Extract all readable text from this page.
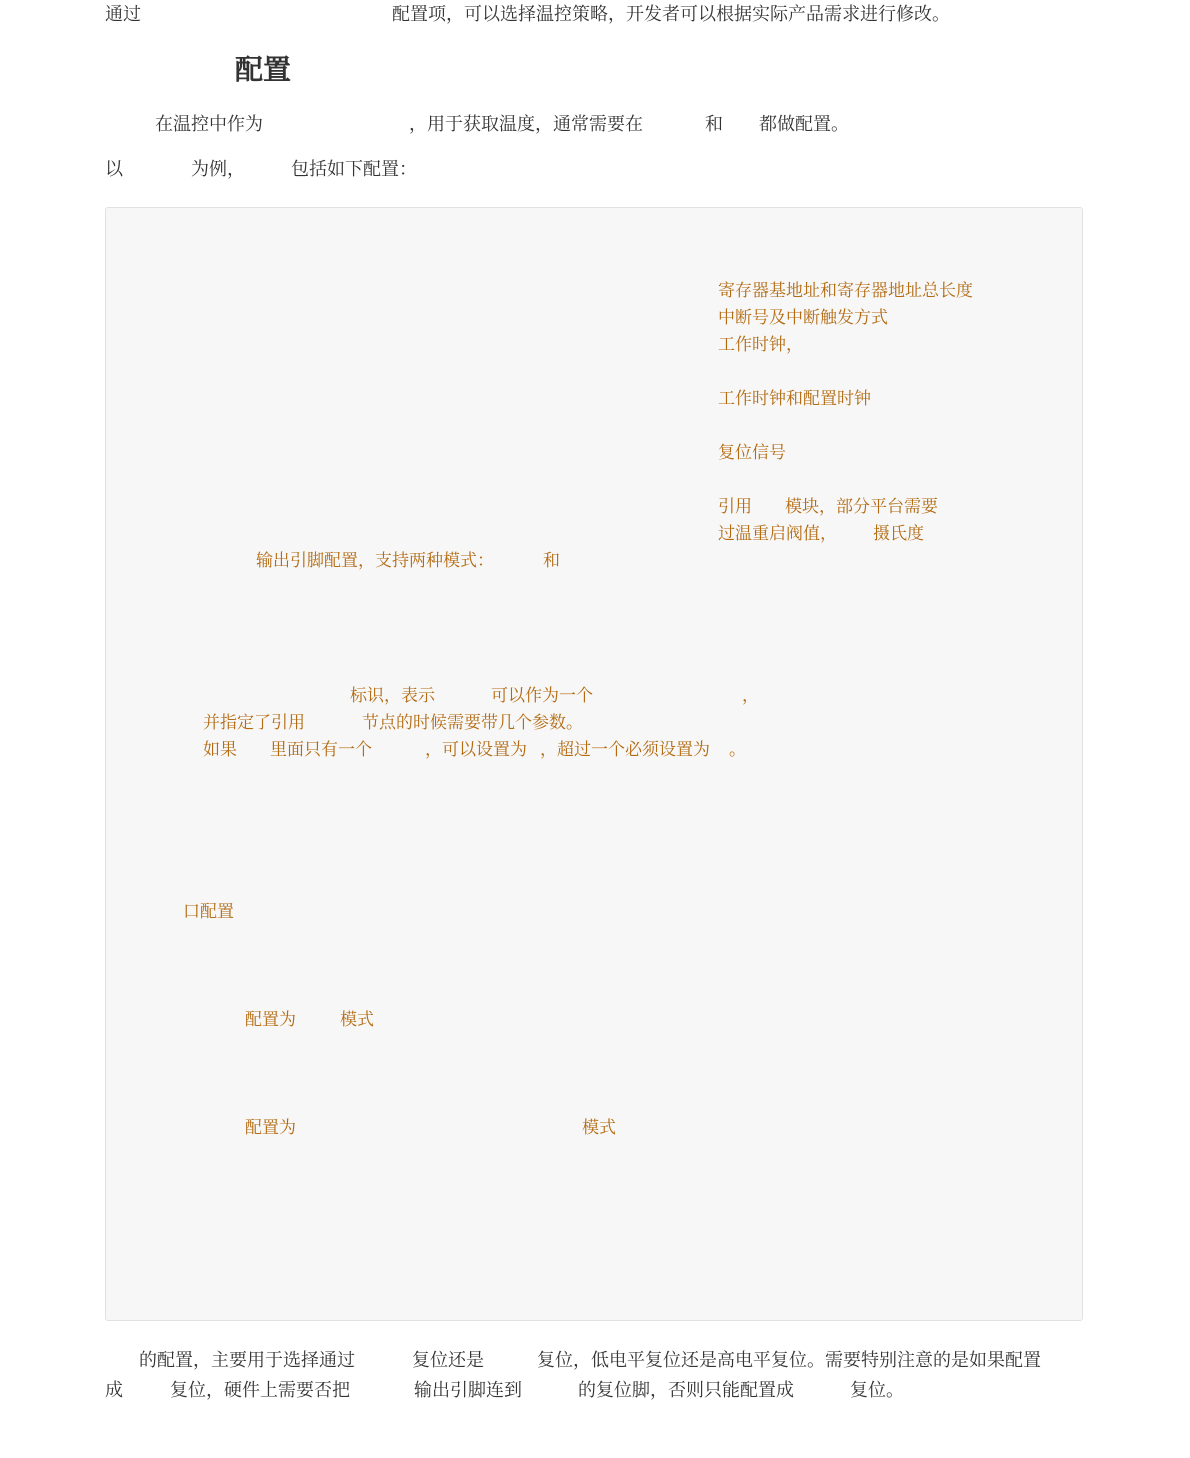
通过	配置项，可以选择温控策略，开发者可以根据实际产品需求进行修改。
配置
在温控中作为	，用于获取温度，通常需要在	和 都做配置。
以	为例，	包括如下配置：
寄存器基地址和寄存器地址总长度
中断号及中断触发方式
工作时钟，
工作时钟和配置时钟
复位信号
引用 模块，部分平台需要
过温重启阀值， 摄氏度
输出引脚配置，支持两种模式：	和
标识，表示	可以作为一个	，
并指定了引用	节点的时候需要带几个参数。
如果 里面只有一个	，可以设置为 ，超过一个必须设置为 。
口配置
配置为	模式
配置为	模式
的配置，主要用于选择通过	复位还是	复位，低电平复位还是高电平复位。需要特别注意的是如果配置
成	复位，硬件上需要否把	输出引脚连到	的复位脚，否则只能配置成	复位。
